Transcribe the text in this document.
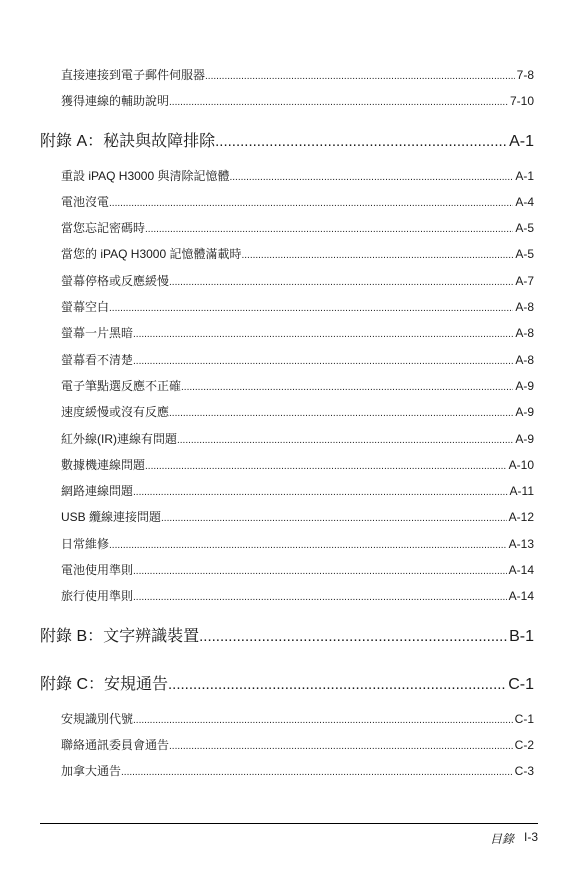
直接連接到電子郵件伺服器 .....	7-8
獲得連線的輔助說明 .....	7-10
附錄 A：秘訣與故障排除 .....	A-1
重設 iPAQ H3000 與清除記憶體 .....	A-1
電池沒電 .....	A-4
當您忘記密碼時 .....	A-5
當您的 iPAQ H3000 記憶體滿載時 .....	A-5
螢幕停格或反應緩慢 .....	A-7
螢幕空白 .....	A-8
螢幕一片黑暗 .....	A-8
螢幕看不清楚 .....	A-8
電子筆點選反應不正確 .....	A-9
速度緩慢或沒有反應 .....	A-9
紅外線(IR)連線有問題 .....	A-9
數據機連線問題 .....	A-10
網路連線問題 .....	A-11
USB 纜線連接問題 .....	A-12
日常維修 .....	A-13
電池使用準則 .....	A-14
旅行使用準則 .....	A-14
附錄 B：文字辨識裝置 .....	B-1
附錄 C：安規通告 .....	C-1
安規識別代號 .....	C-1
聯絡通訊委員會通告 .....	C-2
加拿大通告 .....	C-3
目錄 I-3
